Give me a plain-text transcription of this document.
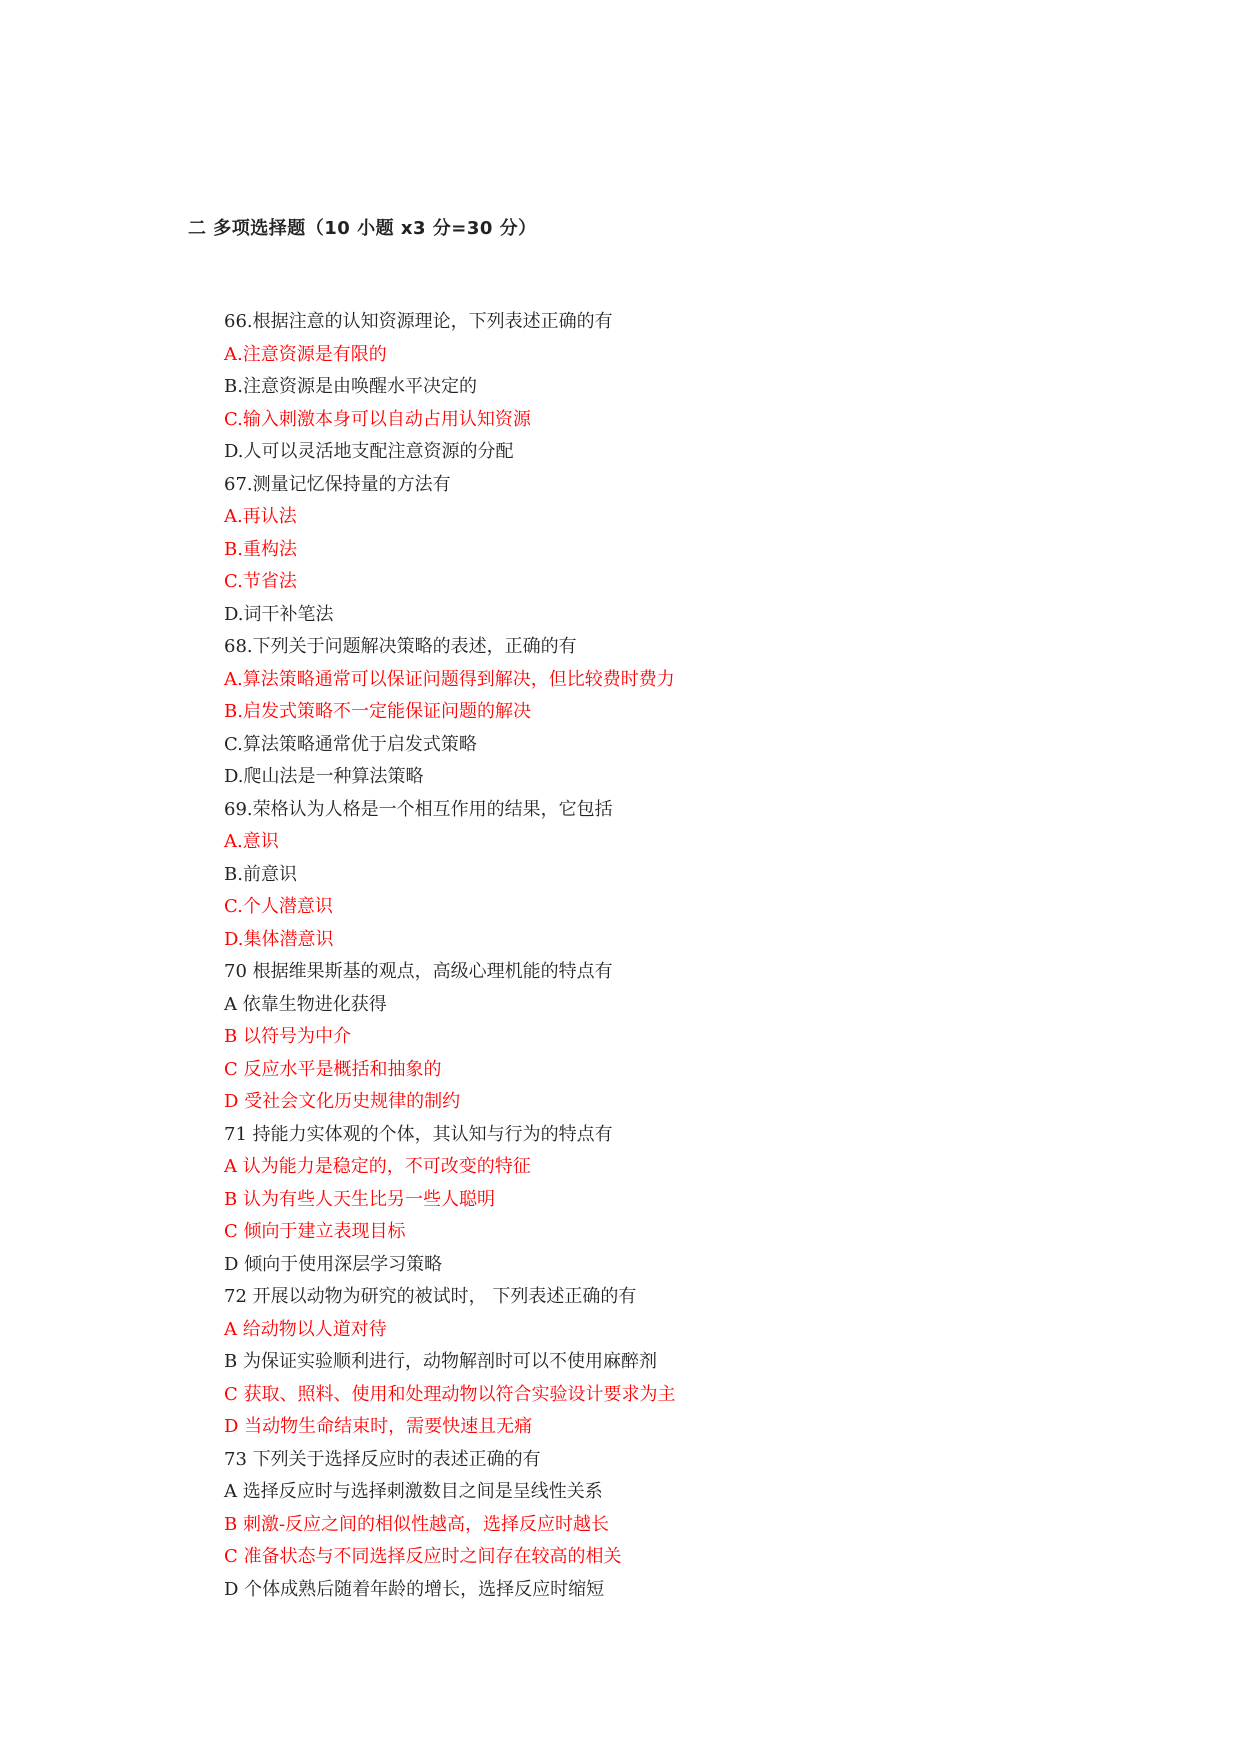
二 多项选择题（10 小题 x3 分=30 分）
66.根据注意的认知资源理论，下列表述正确的有
A.注意资源是有限的
B.注意资源是由唤醒水平决定的
C.输入刺激本身可以自动占用认知资源
D.人可以灵活地支配注意资源的分配
67.测量记忆保持量的方法有
A.再认法
B.重构法
C.节省法
D.词干补笔法
68.下列关于问题解决策略的表述，正确的有
A.算法策略通常可以保证问题得到解决，但比较费时费力
B.启发式策略不一定能保证问题的解决
C.算法策略通常优于启发式策略
D.爬山法是一种算法策略
69.荣格认为人格是一个相互作用的结果，它包括
A.意识
B.前意识
C.个人潜意识
D.集体潜意识
70 根据维果斯基的观点，高级心理机能的特点有
A 依靠生物进化获得
B 以符号为中介
C 反应水平是概括和抽象的
D 受社会文化历史规律的制约
71 持能力实体观的个体，其认知与行为的特点有
A 认为能力是稳定的，不可改变的特征
B 认为有些人天生比另一些人聪明
C 倾向于建立表现目标
D 倾向于使用深层学习策略
72 开展以动物为研究的被试时， 下列表述正确的有
A 给动物以人道对待
B 为保证实验顺利进行，动物解剖时可以不使用麻醉剂
C 获取、照料、使用和处理动物以符合实验设计要求为主
D 当动物生命结束时，需要快速且无痛
73 下列关于选择反应时的表述正确的有
A 选择反应时与选择刺激数目之间是呈线性关系
B 刺激-反应之间的相似性越高，选择反应时越长
C 准备状态与不同选择反应时之间存在较高的相关
D 个体成熟后随着年龄的增长，选择反应时缩短
